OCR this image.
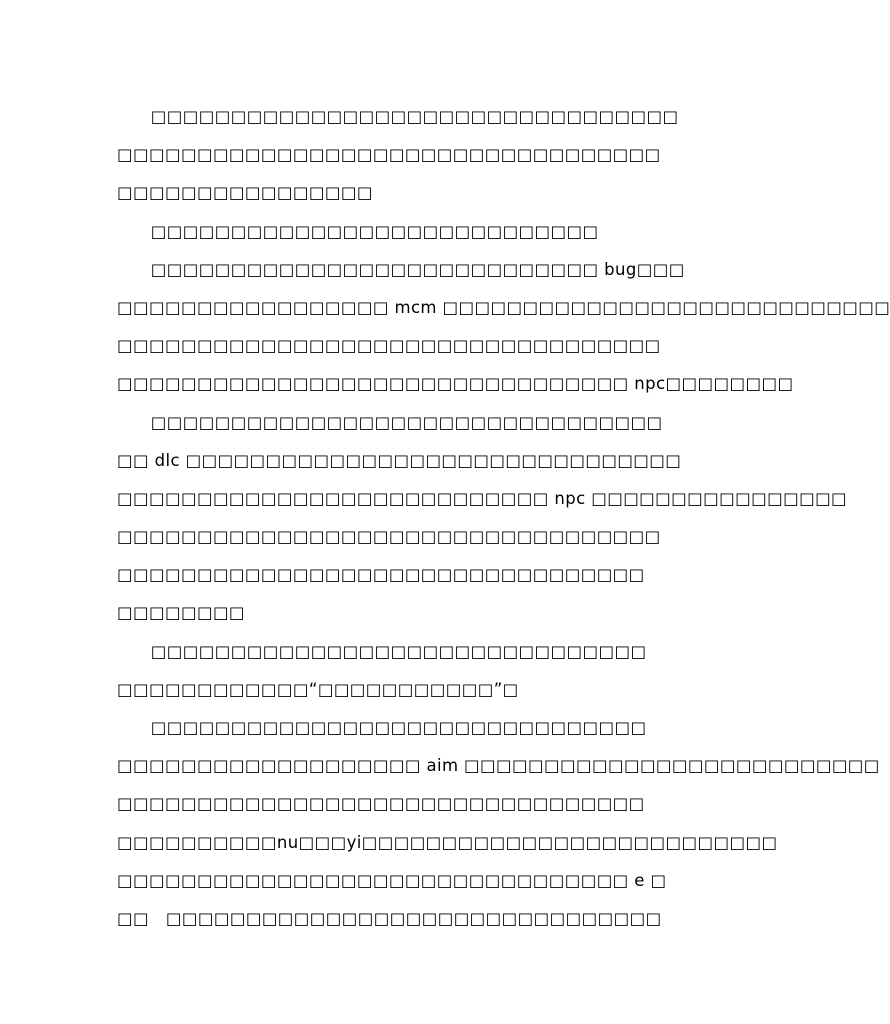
　　□□□□□□□□□□□□□□□□□□□□□□□□□□□□□□□□□
□□□□□□□□□□□□□□□□□□□□□□□□□□□□□□□□□□
□□□□□□□□□□□□□□□□
　　□□□□□□□□□□□□□□□□□□□□□□□□□□□□
　　□□□□□□□□□□□□□□□□□□□□□□□□□□□□ bug□□□
□□□□□□□□□□□□□□□□□ mcm □□□□□□□□□□□□□□□□□□□□□□□□□□□□
□□□□□□□□□□□□□□□□□□□□□□□□□□□□□□□□□□
□□□□□□□□□□□□□□□□□□□□□□□□□□□□□□□□ npc□□□□□□□□
　　□□□□□□□□□□□□□□□□□□□□□□□□□□□□□□□□
□□ dlc □□□□□□□□□□□□□□□□□□□□□□□□□□□□□□□
□□□□□□□□□□□□□□□□□□□□□□□□□□□ npc □□□□□□□□□□□□□□□□
□□□□□□□□□□□□□□□□□□□□□□□□□□□□□□□□□□
□□□□□□□□□□□□□□□□□□□□□□□□□□□□□□□□□
□□□□□□□□
　　□□□□□□□□□□□□□□□□□□□□□□□□□□□□□□□
□□□□□□□□□□□□“□□□□□□□□□□□”□
　　□□□□□□□□□□□□□□□□□□□□□□□□□□□□□□□
□□□□□□□□□□□□□□□□□□□ aim □□□□□□□□□□□□□□□□□□□□□□□□□□
□□□□□□□□□□□□□□□□□□□□□□□□□□□□□□□□□
□□□□□□□□□□nu□□□yi□□□□□□□□□□□□□□□□□□□□□□□□□□
□□□□□□□□□□□□□□□□□□□□□□□□□□□□□□□□ e □
□□　□□□□□□□□□□□□□□□□□□□□□□□□□□□□□□□
